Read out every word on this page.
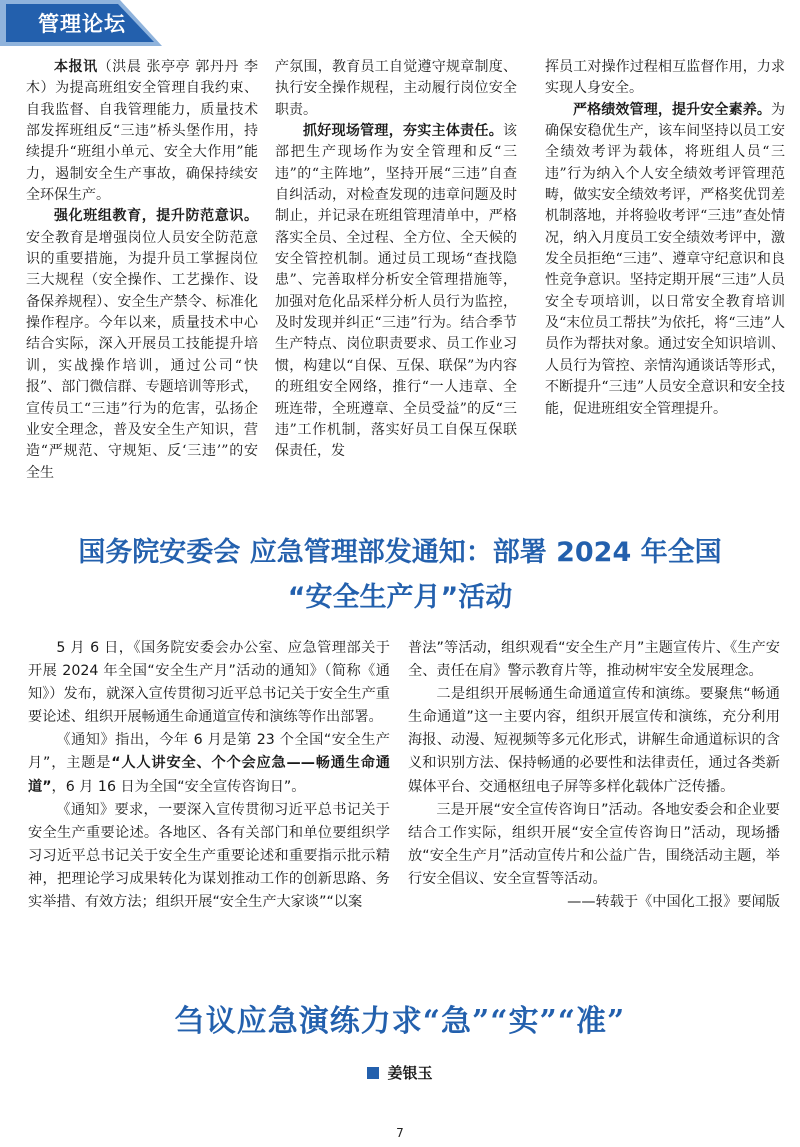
管理论坛

本报讯（洪晨 张亭亭 郭丹丹 李木）为提高班组安全管理自我约束、自我监督、自我管理能力，质量技术部发挥班组反“三违”桥头堡作用，持续提升“班组小单元、安全大作用”能力，遏制安全生产事故，确保持续安全环保生产。

强化班组教育，提升防范意识。安全教育是增强岗位人员安全防范意识的重要措施，为提升员工掌握岗位三大规程（安全操作、工艺操作、设备保养规程）、安全生产禁令、标准化操作程序。今年以来，质量技术中心结合实际，深入开展员工技能提升培训，实战操作培训，通过公司“快报”、部门微信群、专题培训等形式，宣传员工“三违”行为的危害，弘扬企业安全理念，普及安全生产知识，营造“严规范、守规矩、反‘三违’”的安全生

产氛围，教育员工自觉遵守规章制度、执行安全操作规程，主动履行岗位安全职责。

抓好现场管理，夯实主体责任。该部把生产现场作为安全管理和反“三违”的“主阵地”，坚持开展“三违”自查自纠活动，对检查发现的违章问题及时制止，并记录在班组管理清单中，严格落实全员、全过程、全方位、全天候的安全管控机制。通过员工现场“查找隐患”、完善取样分析安全管理措施等，加强对危化品采样分析人员行为监控，及时发现并纠正“三违”行为。结合季节生产特点、岗位职责要求、员工作业习惯，构建以“自保、互保、联保”为内容的班组安全网络，推行“一人违章、全班连带，全班遵章、全员受益”的反“三违”工作机制，落实好员工自保互保联保责任，发

挥员工对操作过程相互监督作用，力求实现人身安全。

严格绩效管理，提升安全素养。为确保安稳优生产，该车间坚持以员工安全绩效考评为载体，将班组人员“三违”行为纳入个人安全绩效考评管理范畴，做实安全绩效考评，严格奖优罚差机制落地，并将验收考评“三违”查处情况，纳入月度员工安全绩效考评中，激发全员拒绝“三违”、遵章守纪意识和良性竞争意识。坚持定期开展“三违”人员安全专项培训，以日常安全教育培训及“末位员工帮扶”为依托，将“三违”人员作为帮扶对象。通过安全知识培训、人员行为管控、亲情沟通谈话等形式，不断提升“三违”人员安全意识和安全技能，促进班组安全管理提升。

国务院安委会 应急管理部发通知：部署 2024 年全国
“安全生产月”活动

5 月 6 日，《国务院安委会办公室、应急管理部关于开展 2024 年全国“安全生产月”活动的通知》（简称《通知》）发布，就深入宣传贯彻习近平总书记关于安全生产重要论述、组织开展畅通生命通道宣传和演练等作出部署。

《通知》指出，今年 6 月是第 23 个全国“安全生产月”，主题是“人人讲安全、个个会应急——畅通生命通道”，6 月 16 日为全国“安全宣传咨询日”。

《通知》要求，一要深入宣传贯彻习近平总书记关于安全生产重要论述。各地区、各有关部门和单位要组织学习习近平总书记关于安全生产重要论述和重要指示批示精神，把理论学习成果转化为谋划推动工作的创新思路、务实举措、有效方法；组织开展“安全生产大家谈”“以案

普法”等活动，组织观看“安全生产月”主题宣传片、《生产安全、责任在肩》警示教育片等，推动树牢安全发展理念。

二是组织开展畅通生命通道宣传和演练。要聚焦“畅通生命通道”这一主要内容，组织开展宣传和演练，充分利用海报、动漫、短视频等多元化形式，讲解生命通道标识的含义和识别方法、保持畅通的必要性和法律责任，通过各类新媒体平台、交通枢纽电子屏等多样化载体广泛传播。

三是开展“安全宣传咨询日”活动。各地安委会和企业要结合工作实际，组织开展“安全宣传咨询日”活动，现场播放“安全生产月”活动宣传片和公益广告，围绕活动主题，举行安全倡议、安全宣誓等活动。

——转载于《中国化工报》要闻版

刍议应急演练力求“急”“实”“准”
姜银玉
7
